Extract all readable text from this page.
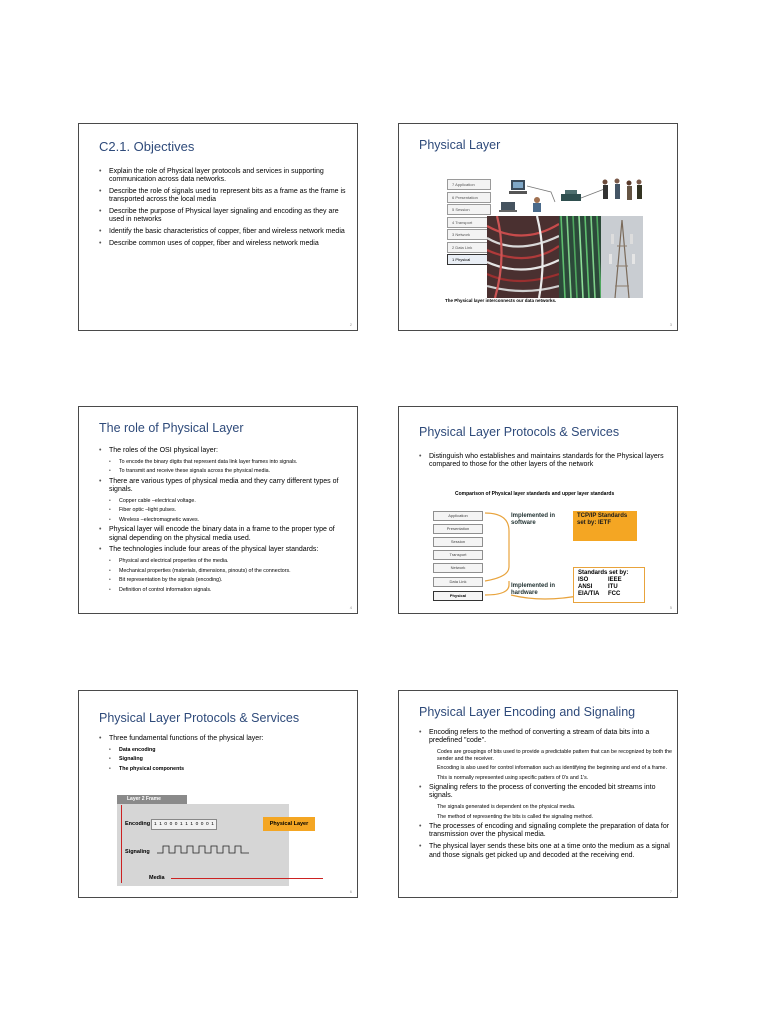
C2.1. Objectives
• Explain the role of Physical layer protocols and services in supporting communication across data networks.
• Describe the role of signals used to represent bits as a frame as the frame is transported across the local media
• Describe the purpose of Physical layer signaling and encoding as they are used in networks
• Identify the basic characteristics of copper, fiber and wireless network media
• Describe common uses of copper, fiber and wireless network media
2
Physical Layer
7 Application
6 Presentation
5 Session
4 Transport
3 Network
2 Data Link
1 Physical
The Physical layer interconnects our data networks.
3
The role of Physical Layer
• The roles of the OSI physical layer:
• To encode the binary digits that represent data link layer frames into signals.
• To transmit and receive these signals across the physical media.
• There are various types of physical media and they carry different types of signals.
• Copper cable –electrical voltage.
• Fiber optic –light pulses.
• Wireless –electromagnetic waves.
• Physical layer will encode the binary data in a frame to the proper type of signal depending on the physical media used.
• The technologies include four areas of the physical layer standards:
• Physical and electrical properties of the media.
• Mechanical properties (materials, dimensions, pinouts) of the connectors.
• Bit representation by the signals (encoding).
• Definition of control information signals.
4
Physical Layer Protocols & Services
• Distinguish who establishes and maintains standards for the Physical layers compared to those for the other layers of the network
Comparison of Physical layer standards and upper layer standards
Application
Presentation
Session
Transport
Network
Data Link
Physical
Implemented in software
Implemented in hardware
TCP/IP Standards set by: IETF
Standards set by:
ISO	IEEE
ANSI	ITU
EIA/TIA	FCC
5
Physical Layer Protocols & Services
• Three fundamental functions of the physical layer:
• Data encoding
• Signaling
• The physical components
Layer 2 Frame
Encoding 1 1 0 0 0 1 1 1 0 0 0 1	Physical Layer
Signaling
Media
6
Physical Layer Encoding and Signaling
• Encoding refers to the method of converting a stream of data bits into a predefined "code".
Codes are groupings of bits used to provide a predictable pattern that can be recognized by both the sender and the receiver.
Encoding is also used for control information such as identifying the beginning and end of a frame.
This is normally represented using specific patters of 0's and 1's.
• Signaling refers to the process of converting the encoded bit streams into signals.
The signals generated is dependent on the physical media.
The method of representing the bits is called the signaling method.
• The processes of encoding and signaling complete the preparation of data for transmission over the physical media.
• The physical layer sends these bits one at a time onto the medium as a signal and those signals get picked up and decoded at the receiving end.
7
